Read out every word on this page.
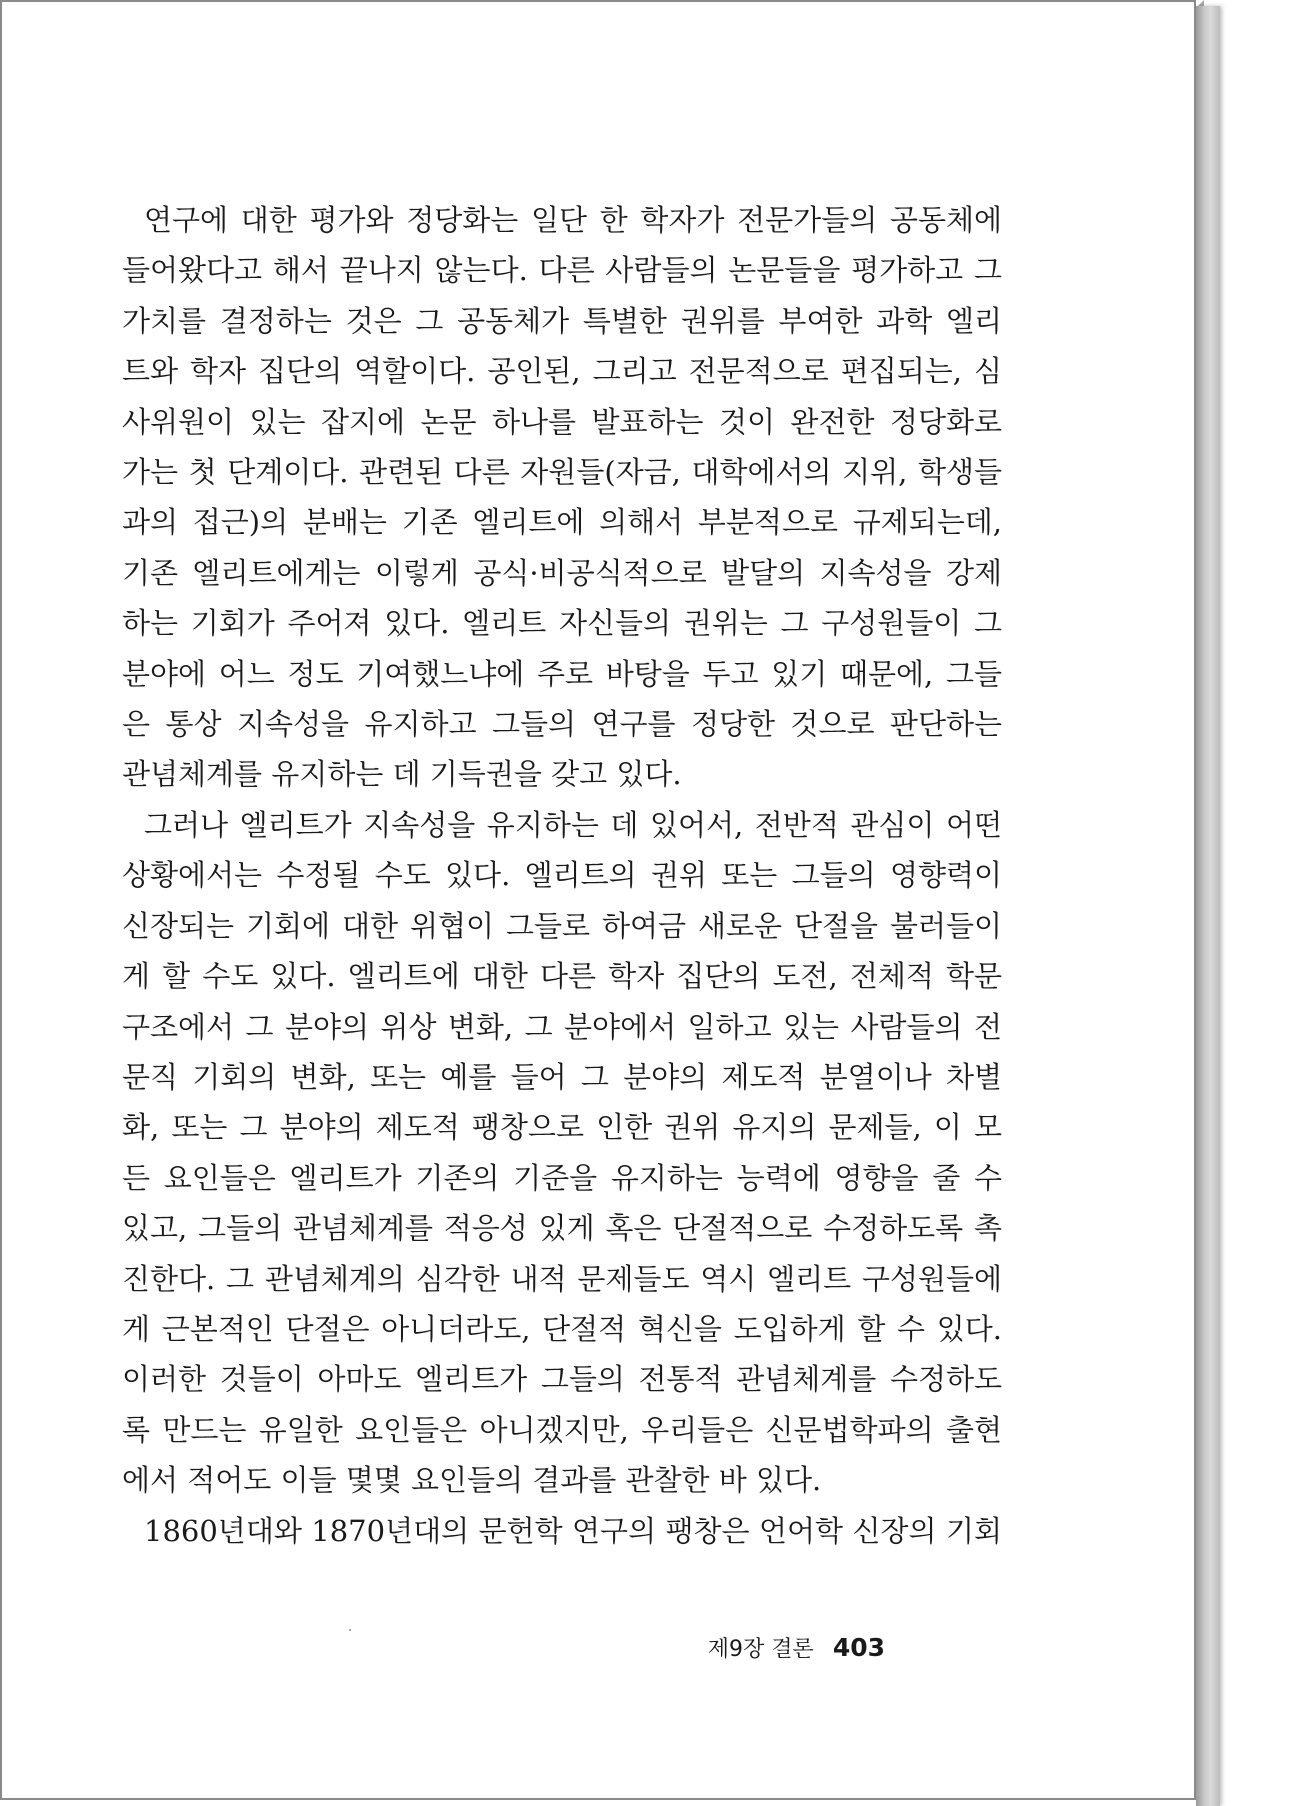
연구에 대한 평가와 정당화는 일단 한 학자가 전문가들의 공동체에
들어왔다고 해서 끝나지 않는다. 다른 사람들의 논문들을 평가하고 그
가치를 결정하는 것은 그 공동체가 특별한 권위를 부여한 과학 엘리
트와 학자 집단의 역할이다. 공인된, 그리고 전문적으로 편집되는, 심
사위원이 있는 잡지에 논문 하나를 발표하는 것이 완전한 정당화로
가는 첫 단계이다. 관련된 다른 자원들(자금, 대학에서의 지위, 학생들
과의 접근)의 분배는 기존 엘리트에 의해서 부분적으로 규제되는데,
기존 엘리트에게는 이렇게 공식·비공식적으로 발달의 지속성을 강제
하는 기회가 주어져 있다. 엘리트 자신들의 권위는 그 구성원들이 그
분야에 어느 정도 기여했느냐에 주로 바탕을 두고 있기 때문에, 그들
은 통상 지속성을 유지하고 그들의 연구를 정당한 것으로 판단하는
관념체계를 유지하는 데 기득권을 갖고 있다.
그러나 엘리트가 지속성을 유지하는 데 있어서, 전반적 관심이 어떤
상황에서는 수정될 수도 있다. 엘리트의 권위 또는 그들의 영향력이
신장되는 기회에 대한 위협이 그들로 하여금 새로운 단절을 불러들이
게 할 수도 있다. 엘리트에 대한 다른 학자 집단의 도전, 전체적 학문
구조에서 그 분야의 위상 변화, 그 분야에서 일하고 있는 사람들의 전
문직 기회의 변화, 또는 예를 들어 그 분야의 제도적 분열이나 차별
화, 또는 그 분야의 제도적 팽창으로 인한 권위 유지의 문제들, 이 모
든 요인들은 엘리트가 기존의 기준을 유지하는 능력에 영향을 줄 수
있고, 그들의 관념체계를 적응성 있게 혹은 단절적으로 수정하도록 촉
진한다. 그 관념체계의 심각한 내적 문제들도 역시 엘리트 구성원들에
게 근본적인 단절은 아니더라도, 단절적 혁신을 도입하게 할 수 있다.
이러한 것들이 아마도 엘리트가 그들의 전통적 관념체계를 수정하도
록 만드는 유일한 요인들은 아니겠지만, 우리들은 신문법학파의 출현
에서 적어도 이들 몇몇 요인들의 결과를 관찰한 바 있다.
1860년대와 1870년대의 문헌학 연구의 팽창은 언어학 신장의 기회
제9장 결론 403
